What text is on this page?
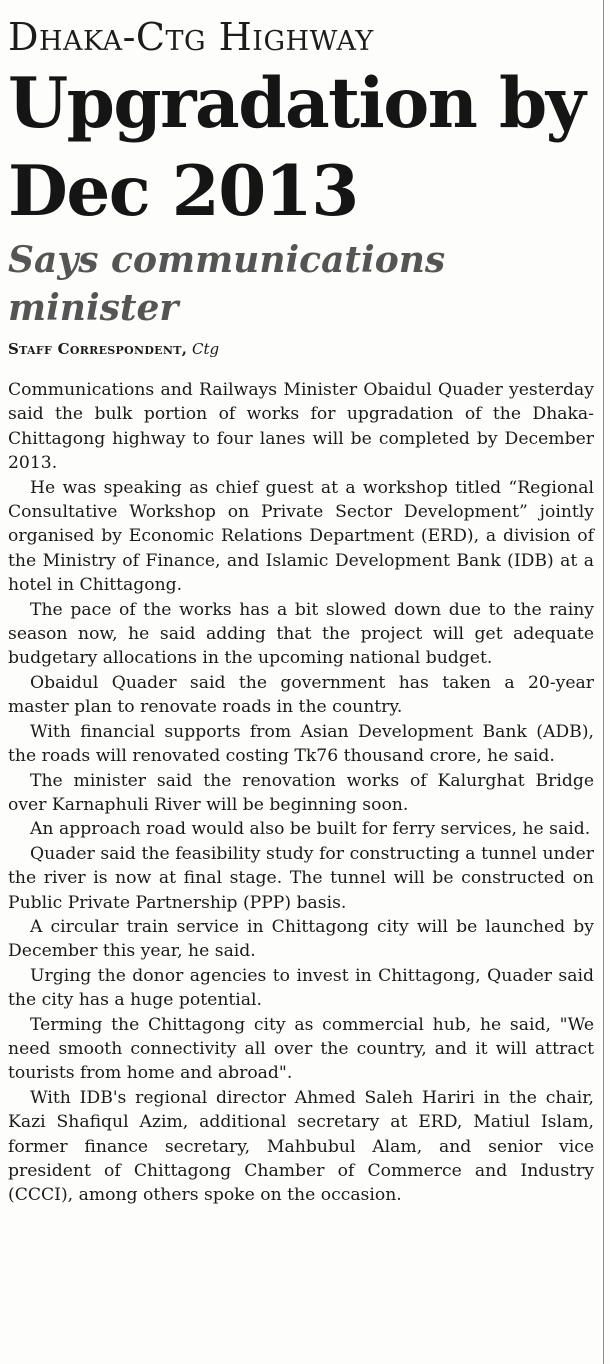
Dhaka-Ctg Highway
Upgradation by Dec 2013
Says communications minister
Staff Correspondent, Ctg

Communications and Railways Minister Obaidul Quader yesterday said the bulk portion of works for upgradation of the Dhaka-Chittagong highway to four lanes will be completed by December 2013.

He was speaking as chief guest at a workshop titled “Regional Consultative Workshop on Private Sector Development” jointly organised by Economic Relations Department (ERD), a division of the Ministry of Finance, and Islamic Development Bank (IDB) at a hotel in Chittagong.

The pace of the works has a bit slowed down due to the rainy season now, he said adding that the project will get adequate budgetary allocations in the upcoming national budget.

Obaidul Quader said the government has taken a 20-year master plan to renovate roads in the country.

With financial supports from Asian Development Bank (ADB), the roads will renovated costing Tk76 thousand crore, he said.

The minister said the renovation works of Kalurghat Bridge over Karnaphuli River will be beginning soon.

An approach road would also be built for ferry services, he said.

Quader said the feasibility study for constructing a tunnel under the river is now at final stage. The tunnel will be constructed on Public Private Partnership (PPP) basis.

A circular train service in Chittagong city will be launched by December this year, he said.

Urging the donor agencies to invest in Chittagong, Quader said the city has a huge potential.

Terming the Chittagong city as commercial hub, he said, "We need smooth connectivity all over the country, and it will attract tourists from home and abroad".

With IDB's regional director Ahmed Saleh Hariri in the chair, Kazi Shafiqul Azim, additional secretary at ERD, Matiul Islam, former finance secretary, Mahbubul Alam, and senior vice president of Chittagong Chamber of Commerce and Industry (CCCI), among others spoke on the occasion.
